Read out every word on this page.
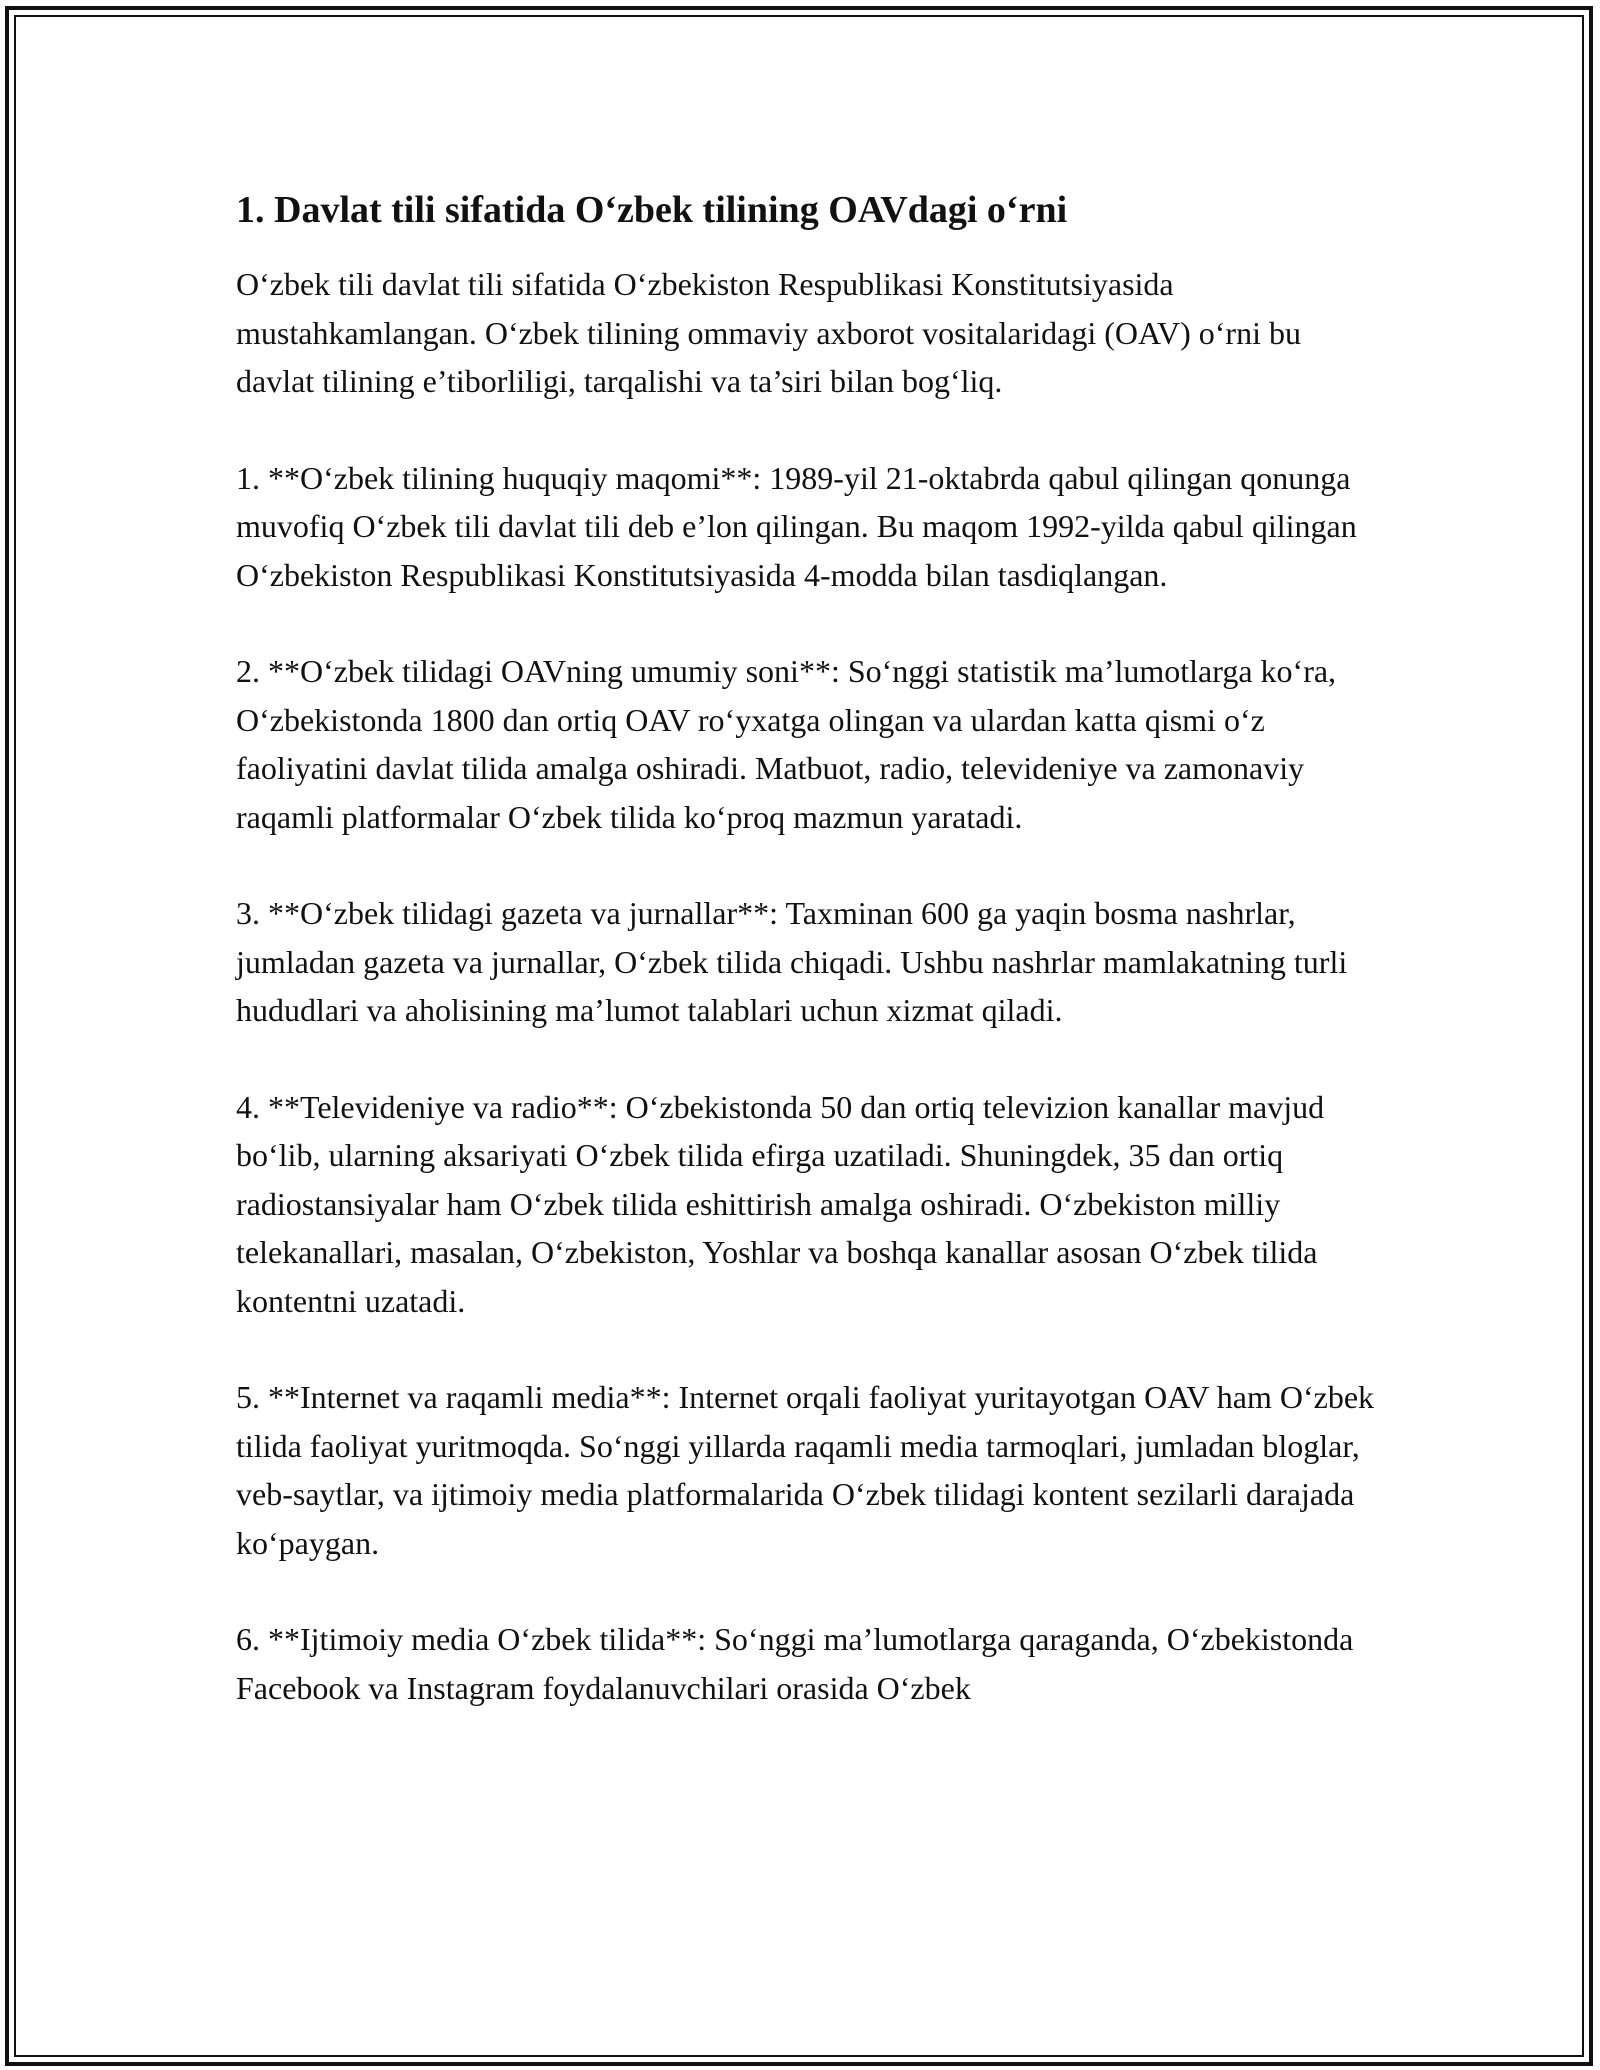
1. Davlat tili sifatida O‘zbek tilining OAVdagi o‘rni

O‘zbek tili davlat tili sifatida O‘zbekiston Respublikasi Konstitutsiyasida mustahkamlangan. O‘zbek tilining ommaviy axborot vositalaridagi (OAV) o‘rni bu davlat tilining e’tiborliligi, tarqalishi va ta’siri bilan bog‘liq.

1. **O‘zbek tilining huquqiy maqomi**: 1989-yil 21-oktabrda qabul qilingan qonunga muvofiq O‘zbek tili davlat tili deb e’lon qilingan. Bu maqom 1992-yilda qabul qilingan O‘zbekiston Respublikasi Konstitutsiyasida 4-modda bilan tasdiqlangan.

2. **O‘zbek tilidagi OAVning umumiy soni**: So‘nggi statistik ma’lumotlarga ko‘ra, O‘zbekistonda 1800 dan ortiq OAV ro‘yxatga olingan va ulardan katta qismi o‘z faoliyatini davlat tilida amalga oshiradi. Matbuot, radio, televideniye va zamonaviy raqamli platformalar O‘zbek tilida ko‘proq mazmun yaratadi.

3. **O‘zbek tilidagi gazeta va jurnallar**: Taxminan 600 ga yaqin bosma nashrlar, jumladan gazeta va jurnallar, O‘zbek tilida chiqadi. Ushbu nashrlar mamlakatning turli hududlari va aholisining ma’lumot talablari uchun xizmat qiladi.

4. **Televideniye va radio**: O‘zbekistonda 50 dan ortiq televizion kanallar mavjud bo‘lib, ularning aksariyati O‘zbek tilida efirga uzatiladi. Shuningdek, 35 dan ortiq radiostansiyalar ham O‘zbek tilida eshittirish amalga oshiradi. O‘zbekiston milliy telekanallari, masalan, O‘zbekiston, Yoshlar va boshqa kanallar asosan O‘zbek tilida kontentni uzatadi.

5. **Internet va raqamli media**: Internet orqali faoliyat yuritayotgan OAV ham O‘zbek tilida faoliyat yuritmoqda. So‘nggi yillarda raqamli media tarmoqlari, jumladan bloglar, veb-saytlar, va ijtimoiy media platformalarida O‘zbek tilidagi kontent sezilarli darajada ko‘paygan.

6. **Ijtimoiy media O‘zbek tilida**: So‘nggi ma’lumotlarga qaraganda, O‘zbekistonda Facebook va Instagram foydalanuvchilari orasida O‘zbek
